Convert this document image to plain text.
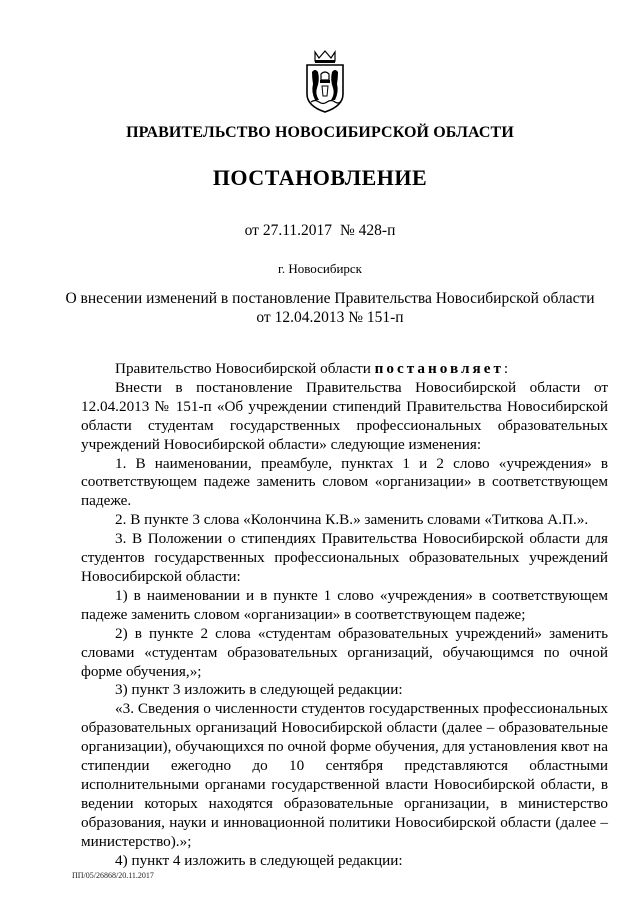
ПРАВИТЕЛЬСТВО НОВОСИБИРСКОЙ ОБЛАСТИ
ПОСТАНОВЛЕНИЕ
от 27.11.2017 № 428-п
г. Новосибирск
О внесении изменений в постановление Правительства Новосибирской области
от 12.04.2013 № 151-п

Правительство Новосибирской области постановляет:

Внести в постановление Правительства Новосибирской области от 12.04.2013 № 151-п «Об учреждении стипендий Правительства Новосибирской области студентам государственных профессиональных образовательных учреждений Новосибирской области» следующие изменения:

1. В наименовании, преамбуле, пунктах 1 и 2 слово «учреждения» в соответствующем падеже заменить словом «организации» в соответствующем падеже.

2. В пункте 3 слова «Колончина К.В.» заменить словами «Титкова А.П.».

3. В Положении о стипендиях Правительства Новосибирской области для студентов государственных профессиональных образовательных учреждений Новосибирской области:

1) в наименовании и в пункте 1 слово «учреждения» в соответствующем падеже заменить словом «организации» в соответствующем падеже;

2) в пункте 2 слова «студентам образовательных учреждений» заменить словами «студентам образовательных организаций, обучающимся по очной форме обучения,»;

3) пункт 3 изложить в следующей редакции:

«3. Сведения о численности студентов государственных профессиональных образовательных организаций Новосибирской области (далее – образовательные организации), обучающихся по очной форме обучения, для установления квот на стипендии ежегодно до 10 сентября представляются областными исполнительными органами государственной власти Новосибирской области, в ведении которых находятся образовательные организации, в министерство образования, науки и инновационной политики Новосибирской области (далее – министерство).»;

4) пункт 4 изложить в следующей редакции:

ПП/05/26868/20.11.2017
